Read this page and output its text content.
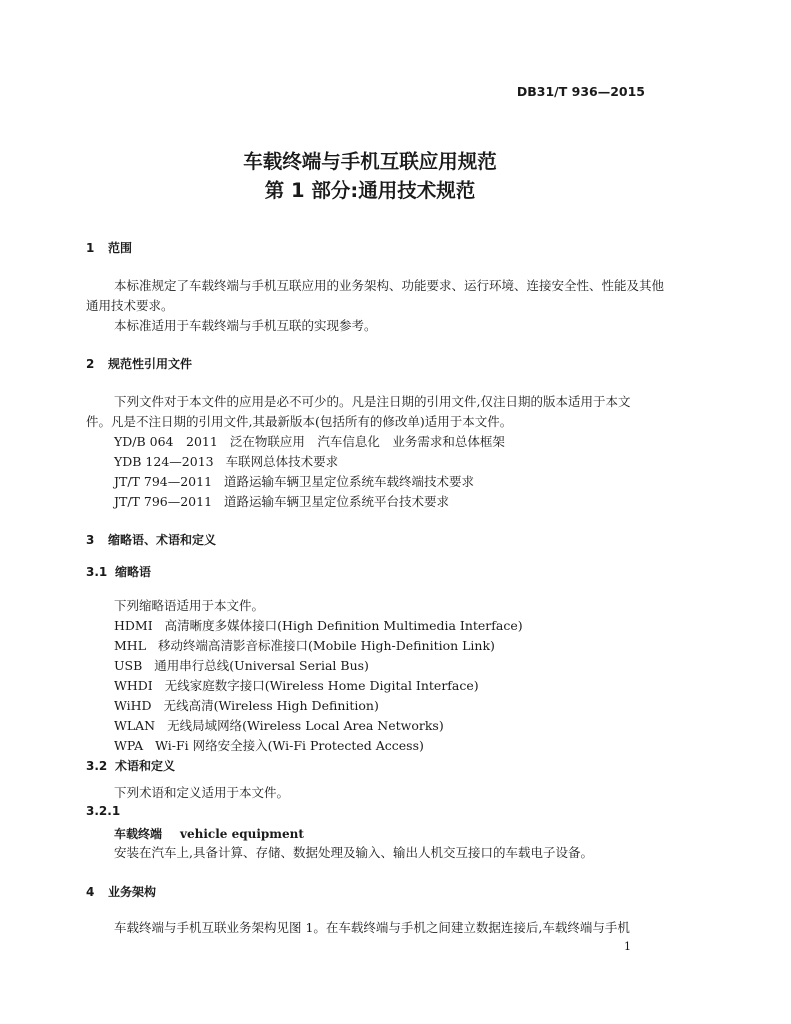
DB31/T 936—2015
车载终端与手机互联应用规范
第 1 部分:通用技术规范
1 范围
本标准规定了车载终端与手机互联应用的业务架构、功能要求、运行环境、连接安全性、性能及其他
通用技术要求。
本标准适用于车载终端与手机互联的实现参考。
2 规范性引用文件
下列文件对于本文件的应用是必不可少的。凡是注日期的引用文件,仅注日期的版本适用于本文
件。凡是不注日期的引用文件,其最新版本(包括所有的修改单)适用于本文件。
YD/B 064　2011 泛在物联应用　汽车信息化　业务需求和总体框架
YDB 124—2013 车联网总体技术要求
JT/T 794—2011 道路运输车辆卫星定位系统车载终端技术要求
JT/T 796—2011 道路运输车辆卫星定位系统平台技术要求
3 缩略语、术语和定义
3.1 缩略语
下列缩略语适用于本文件。
HDMI 高清晰度多媒体接口(High Definition Multimedia Interface)
MHL 移动终端高清影音标准接口(Mobile High-Definition Link)
USB 通用串行总线(Universal Serial Bus)
WHDI 无线家庭数字接口(Wireless Home Digital Interface)
WiHD 无线高清(Wireless High Definition)
WLAN 无线局域网络(Wireless Local Area Networks)
WPA Wi-Fi 网络安全接入(Wi-Fi Protected Access)
3.2 术语和定义
下列术语和定义适用于本文件。
3.2.1
车载终端 vehicle equipment
安装在汽车上,具备计算、存储、数据处理及输入、输出人机交互接口的车载电子设备。
4 业务架构
车载终端与手机互联业务架构见图 1。在车载终端与手机之间建立数据连接后,车载终端与手机
1
